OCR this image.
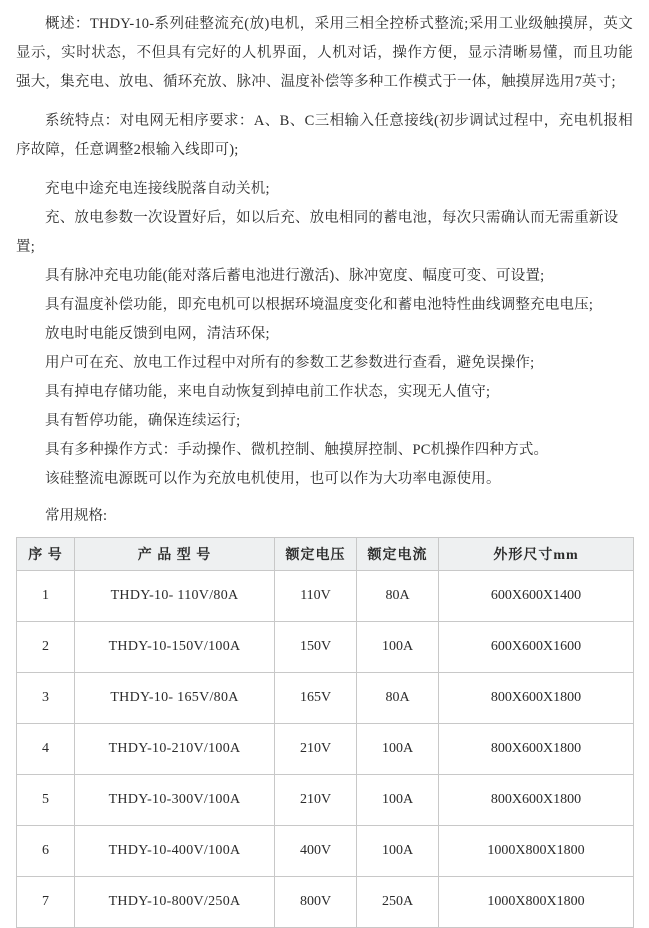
概述：THDY-10-系列硅整流充(放)电机，采用三相全控桥式整流;采用工业级触摸屏，英文显示，实时状态，不但具有完好的人机界面，人机对话，操作方便，显示清晰易懂，而且功能强大，集充电、放电、循环充放、脉冲、温度补偿等多种工作模式于一体，触摸屏选用7英寸;

系统特点：对电网无相序要求：A、B、C三相输入任意接线(初步调试过程中，充电机报相序故障，任意调整2根输入线即可);

充电中途充电连接线脱落自动关机;

充、放电参数一次设置好后，如以后充、放电相同的蓄电池，每次只需确认而无需重新设置;

具有脉冲充电功能(能对落后蓄电池进行激活)、脉冲宽度、幅度可变、可设置;

具有温度补偿功能，即充电机可以根据环境温度变化和蓄电池特性曲线调整充电电压;

放电时电能反馈到电网，清洁环保;

用户可在充、放电工作过程中对所有的参数工艺参数进行查看，避免误操作;

具有掉电存储功能，来电自动恢复到掉电前工作状态，实现无人值守;

具有暂停功能，确保连续运行;

具有多种操作方式：手动操作、微机控制、触摸屏控制、PC机操作四种方式。

该硅整流电源既可以作为充放电机使用，也可以作为大功率电源使用。

常用规格:

序 号	产 品 型 号	额定电压	额定电流	外形尺寸mm
1	THDY-10- 110V/80A	110V	80A	600X600X1400
2	THDY-10-150V/100A	150V	100A	600X600X1600
3	THDY-10- 165V/80A	165V	80A	800X600X1800
4	THDY-10-210V/100A	210V	100A	800X600X1800
5	THDY-10-300V/100A	210V	100A	800X600X1800
6	THDY-10-400V/100A	400V	100A	1000X800X1800
7	THDY-10-800V/250A	800V	250A	1000X800X1800
